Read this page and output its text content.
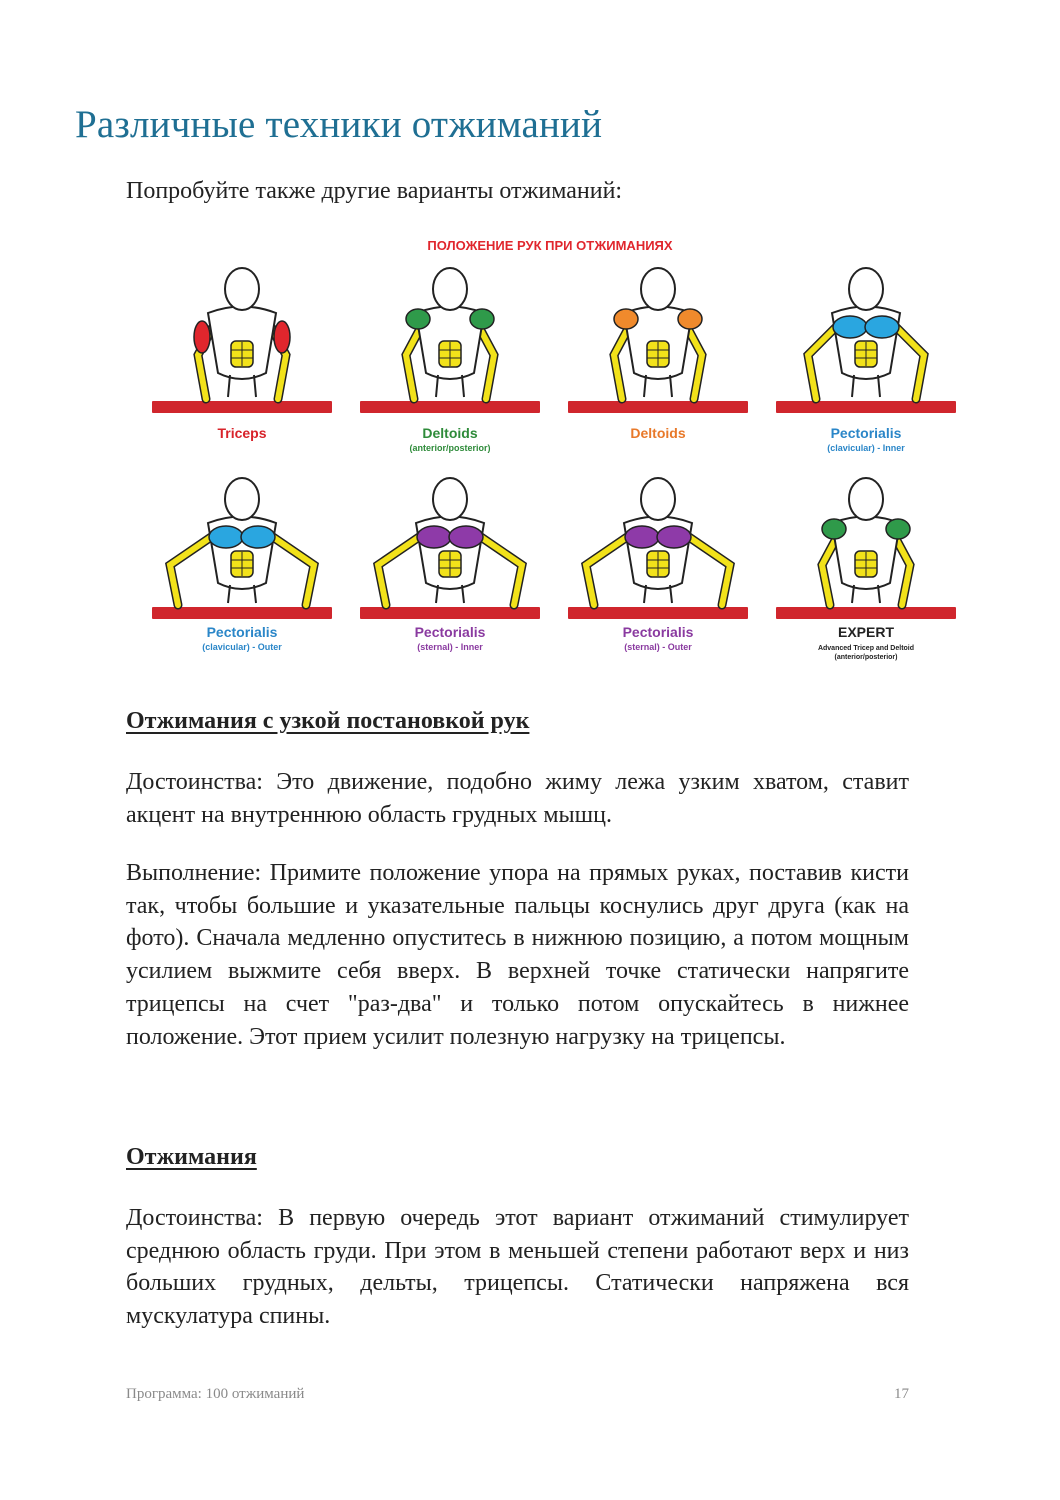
Различные техники отжиманий

Попробуйте также другие варианты отжиманий:

ПОЛОЖЕНИЕ РУК ПРИ ОТЖИМАНИЯХ
Triceps	Deltoids
(anterior/posterior)
Deltoids	Pectorialis
(clavicular) - Inner
Pectorialis
(clavicular) - Outer
Pectorialis
(sternal) - Inner
Pectorialis
(sternal) - Outer
EXPERT
Advanced Tricep and Deltoid
(anterior/posterior)
Отжимания с узкой постановкой рук

Достоинства: Это движение, подобно жиму лежа узким хватом, ставит акцент на внутреннюю область грудных мышц.

Выполнение: Примите положение упора на прямых руках, поставив кисти так, чтобы большие и указательные пальцы коснулись друг друга (как на фото). Сначала медленно опуститесь в нижнюю позицию, а потом мощным усилием выжмите себя вверх. В верхней точке статически напрягите трицепсы на счет "раз-два" и только потом опускайтесь в нижнее положение. Этот прием усилит полезную нагрузку на трицепсы.

Отжимания

Достоинства: В первую очередь этот вариант отжиманий стимулирует среднюю область груди. При этом в меньшей степени работают верх и низ больших грудных, дельты, трицепсы. Статически напряжена вся мускулатура спины.

Программа: 100 отжиманий	17
